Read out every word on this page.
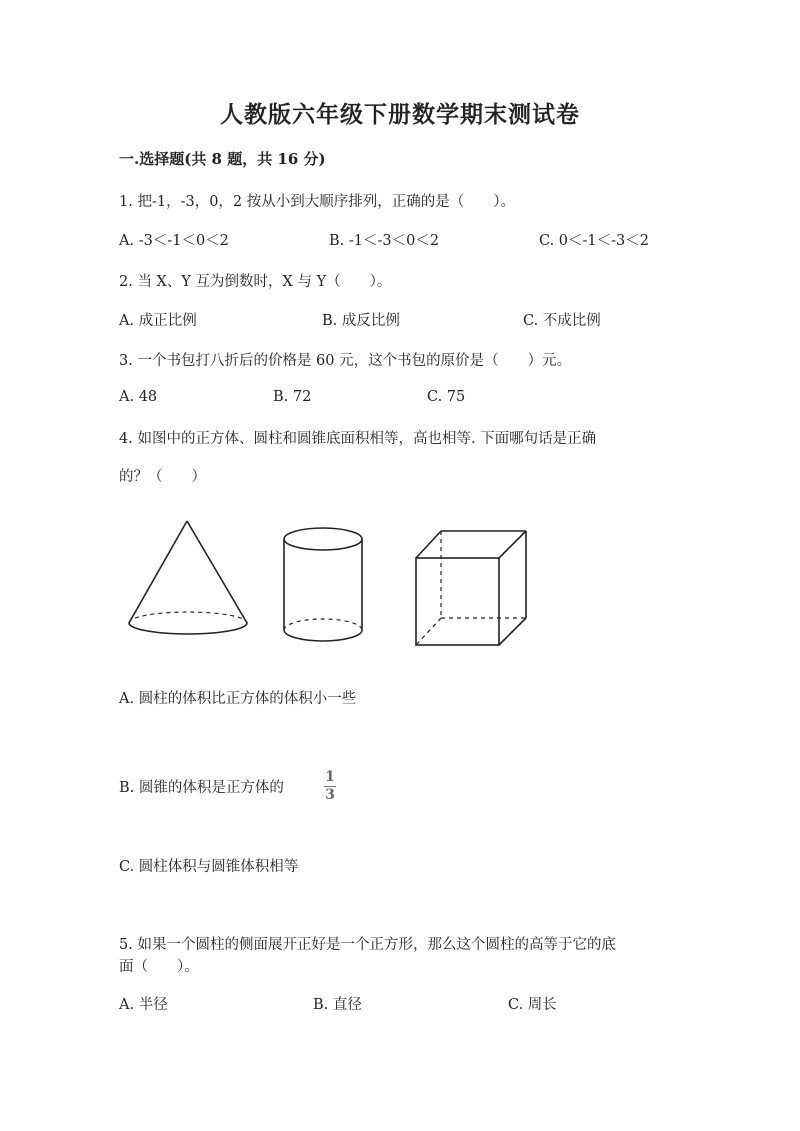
人教版六年级下册数学期末测试卷
一.选择题(共 8 题，共 16 分)
1. 把-1，-3，0，2 按从小到大顺序排列，正确的是（　　）。
A. -3＜-1＜0＜2	B. -1＜-3＜0＜2	C. 0＜-1＜-3＜2
2. 当 X、Y 互为倒数时，X 与 Y（　　）。
A. 成正比例	B. 成反比例	C. 不成比例
3. 一个书包打八折后的价格是 60 元，这个书包的原价是（　　）元。
A. 48	B. 72	C. 75
4. 如图中的正方体、圆柱和圆锥底面积相等，高也相等. 下面哪句话是正确
的？（　　）
A. 圆柱的体积比正方体的体积小一些
B. 圆锥的体积是正方体的
1
3
C. 圆柱体积与圆锥体积相等
5. 如果一个圆柱的侧面展开正好是一个正方形，那么这个圆柱的高等于它的底
面（　　）。
A. 半径	B. 直径	C. 周长
